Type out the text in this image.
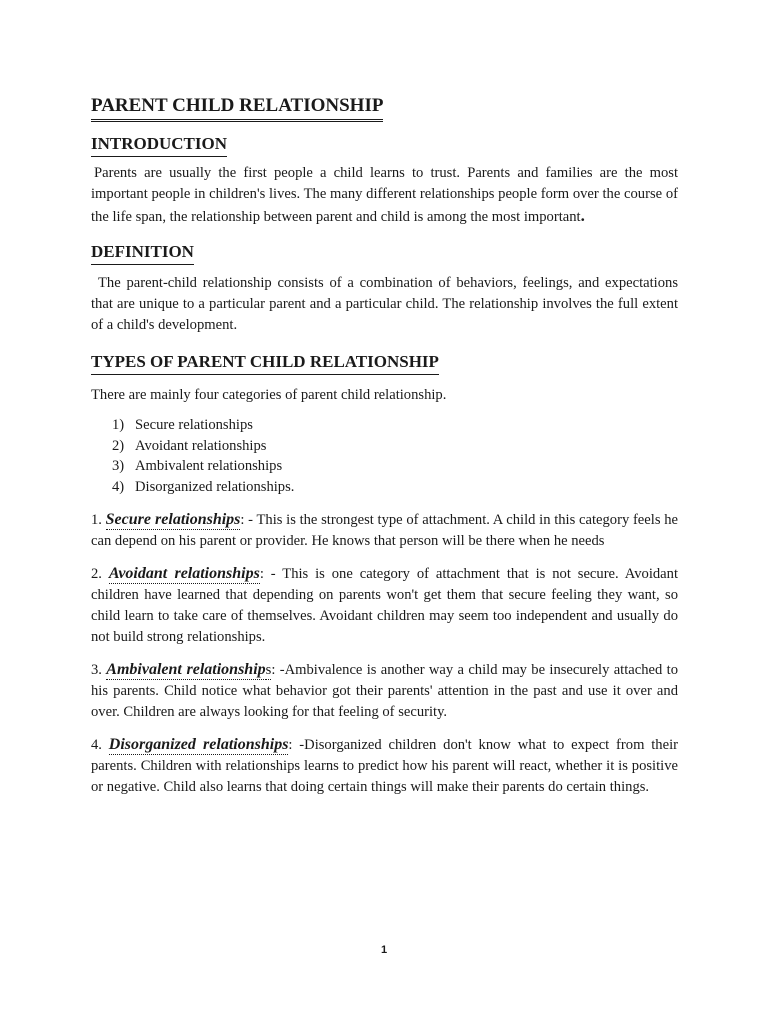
PARENT CHILD RELATIONSHIP
INTRODUCTION

Parents are usually the first people a child learns to trust. Parents and families are the most important people in children's lives. The many different relationships people form over the course of the life span, the relationship between parent and child is among the most important.

DEFINITION

The parent-child relationship consists of a combination of behaviors, feelings, and expectations that are unique to a particular parent and a particular child. The relationship involves the full extent of a child's development.

TYPES OF PARENT CHILD RELATIONSHIP

There are mainly four categories of parent child relationship.

1) Secure relationships
2) Avoidant relationships
3) Ambivalent relationships
4) Disorganized relationships.

1. Secure relationships: - This is the strongest type of attachment. A child in this category feels he can depend on his parent or provider. He knows that person will be there when he needs

2. Avoidant relationships: - This is one category of attachment that is not secure. Avoidant children have learned that depending on parents won't get them that secure feeling they want, so child learn to take care of themselves. Avoidant children may seem too independent and usually do not build strong relationships.

3. Ambivalent relationships: -Ambivalence is another way a child may be insecurely attached to his parents. Child notice what behavior got their parents' attention in the past and use it over and over. Children are always looking for that feeling of security.

4. Disorganized relationships: -Disorganized children don't know what to expect from their parents. Children with relationships learns to predict how his parent will react, whether it is positive or negative. Child also learns that doing certain things will make their parents do certain things.

1
